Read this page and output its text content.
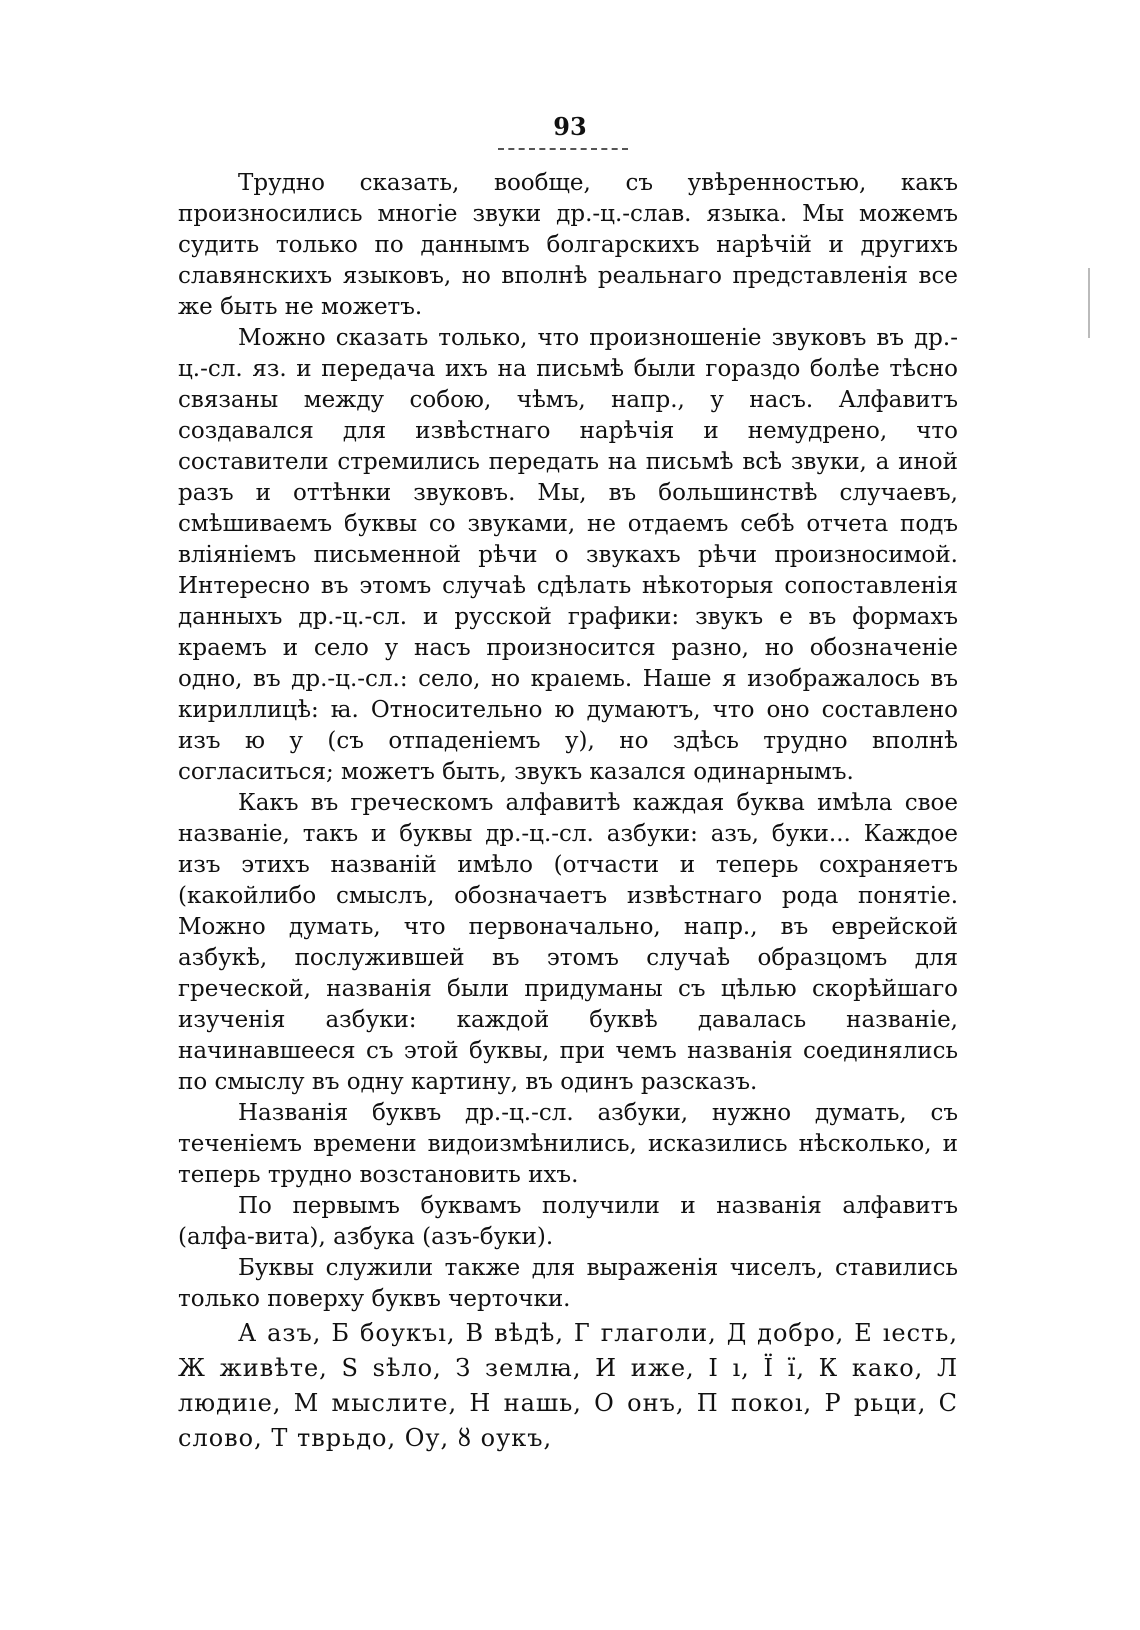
93

Трудно сказать, вообще, съ увѣренностью, какъ произносились многіе звуки др.-ц.-слав. языка. Мы можемъ судить только по даннымъ болгарскихъ нарѣчій и другихъ славянскихъ языковъ, но вполнѣ реальнаго представленія все же быть не можетъ.

Можно сказать только, что произношеніе звуковъ въ др.-ц.-сл. яз. и передача ихъ на письмѣ были гораздо болѣе тѣсно связаны между собою, чѣмъ, напр., у насъ. Алфавитъ создавался для извѣстнаго нарѣчія и немудрено, что составители стремились передать на письмѣ всѣ звуки, а иной разъ и оттѣнки звуковъ. Мы, въ большинствѣ случаевъ, смѣшиваемъ буквы со звуками, не отдаемъ себѣ отчета подъ вліяніемъ письменной рѣчи о звукахъ рѣчи произносимой. Интересно въ этомъ случаѣ сдѣлать нѣкоторыя сопоставленія данныхъ др.-ц.-сл. и русской графики: звукъ е въ формахъ краемъ и село у насъ произносится разно, но обозначеніе одно, въ др.-ц.-сл.: село, но краıемь. Наше я изображалось въ кириллицѣ: ꙗ. Относительно ю думаютъ, что оно составлено изъ ю у (съ отпаденіемъ у), но здѣсь трудно вполнѣ согласиться; можетъ быть, звукъ казался одинарнымъ.

Какъ въ греческомъ алфавитѣ каждая буква имѣла свое названіе, такъ и буквы др.-ц.-сл. азбуки: азъ, буки... Каждое изъ этихъ названій имѣло (отчасти и теперь сохраняетъ (какойлибо смыслъ, обозначаетъ извѣстнаго рода понятіе. Можно думать, что первоначально, напр., въ еврейской азбукѣ, послужившей въ этомъ случаѣ образцомъ для греческой, названія были придуманы съ цѣлью скорѣйшаго изученія азбуки: каждой буквѣ давалась названіе, начинавшееся съ этой буквы, при чемъ названія соединялись по смыслу въ одну картину, въ одинъ разсказъ.

Названія буквъ др.-ц.-сл. азбуки, нужно думать, съ теченіемъ времени видоизмѣнились, исказились нѣсколько, и теперь трудно возстановить ихъ.

По первымъ буквамъ получили и названія алфавитъ (алфа-вита), азбука (азъ-буки).

Буквы служили также для выраженія чиселъ, ставились только поверху буквъ черточки.

А азъ, Б боукъı, В вѣдѣ, Г глаголи, Д добро, Е ıесть, Ж живѣте, Ѕ ѕѣло, З землꙗ, И иже, І ı, Ї ї, К како, Л людиıе, М мыслите, Н нашь, О онъ, П покоı, Р рьци, С слово, Т тврьдо, Оу, ȣ оукъ,
